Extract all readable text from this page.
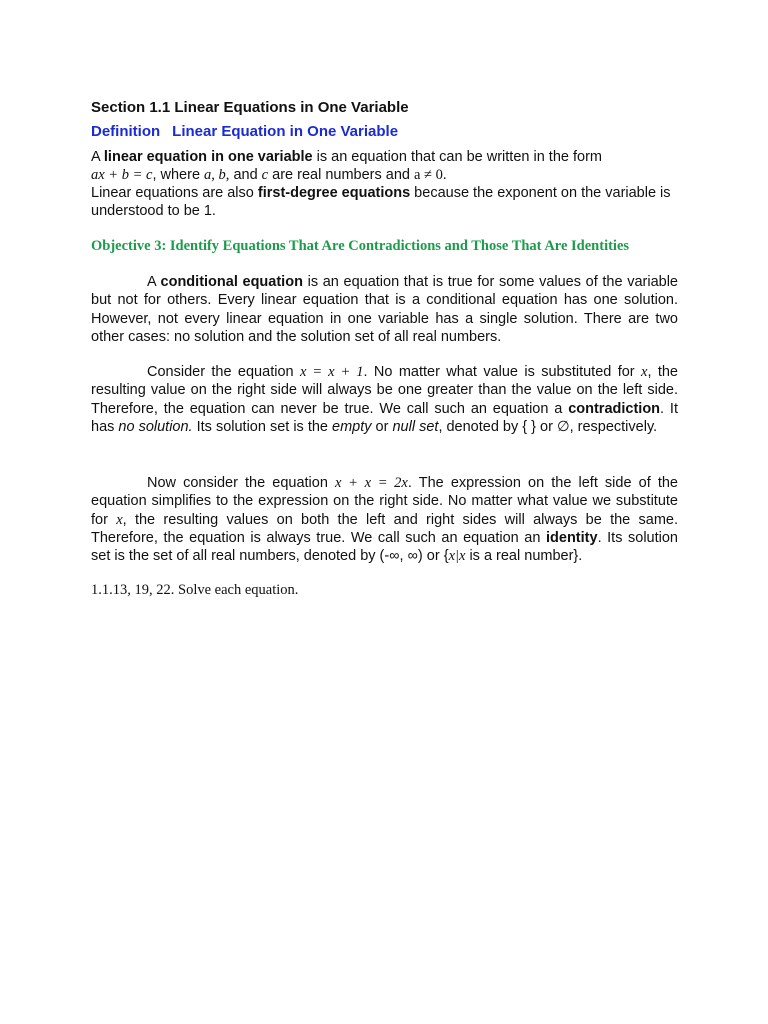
Section 1.1 Linear Equations in One Variable
Definition Linear Equation in One Variable
A linear equation in one variable is an equation that can be written in the form
ax + b = c, where a, b, and c are real numbers and a ≠ 0.
Linear equations are also first-degree equations because the exponent on the variable is understood to be 1.
Objective 3: Identify Equations That Are Contradictions and Those That Are Identities
A conditional equation is an equation that is true for some values of the variable but not for others. Every linear equation that is a conditional equation has one solution. However, not every linear equation in one variable has a single solution. There are two other cases: no solution and the solution set of all real numbers.
Consider the equation x = x + 1. No matter what value is substituted for x, the resulting value on the right side will always be one greater than the value on the left side. Therefore, the equation can never be true. We call such an equation a contradiction. It has no solution. Its solution set is the empty or null set, denoted by { } or ∅, respectively.
Now consider the equation x + x = 2x. The expression on the left side of the equation simplifies to the expression on the right side. No matter what value we substitute for x, the resulting values on both the left and right sides will always be the same. Therefore, the equation is always true. We call such an equation an identity. Its solution set is the set of all real numbers, denoted by (-∞, ∞) or {x|x is a real number}.
1.1.13, 19, 22. Solve each equation.
